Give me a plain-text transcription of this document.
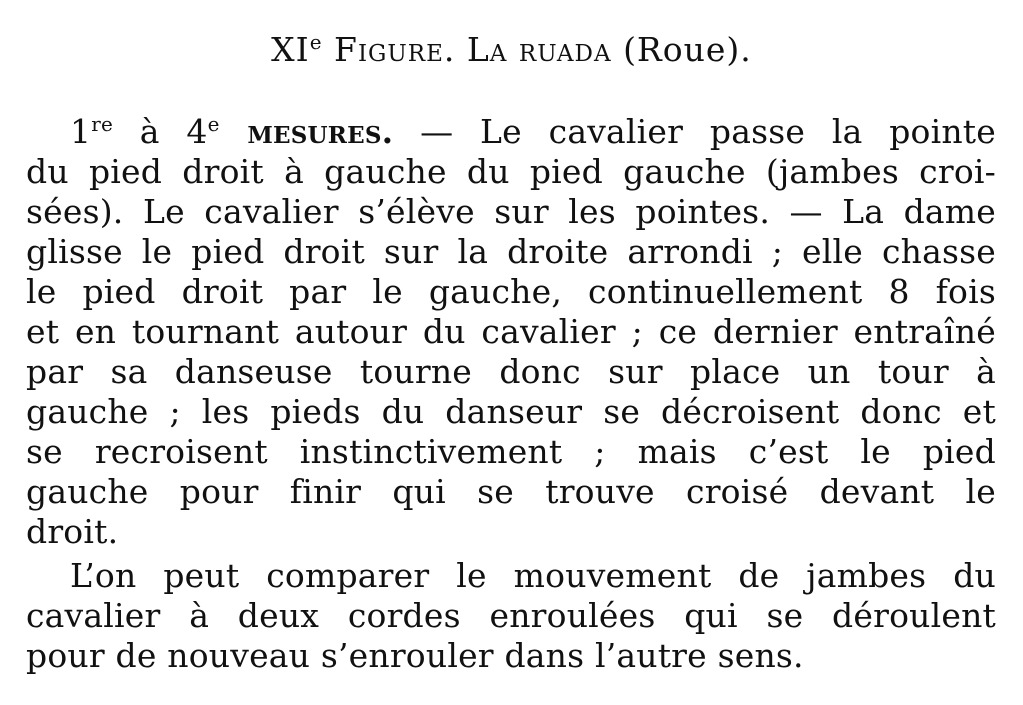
XIe Figure. La ruada (Roue).
1re à 4e mesures. — Le cavalier passe la pointe
du pied droit à gauche du pied gauche (jambes croi-
sées). Le cavalier s’élève sur les pointes. — La dame
glisse le pied droit sur la droite arrondi ; elle chasse
le pied droit par le gauche, continuellement 8 fois
et en tournant autour du cavalier ; ce dernier entraîné
par sa danseuse tourne donc sur place un tour à
gauche ; les pieds du danseur se décroisent donc et
se recroisent instinctivement ; mais c’est le pied
gauche pour finir qui se trouve croisé devant le
droit.
L’on peut comparer le mouvement de jambes du
cavalier à deux cordes enroulées qui se déroulent
pour de nouveau s’enrouler dans l’autre sens.
